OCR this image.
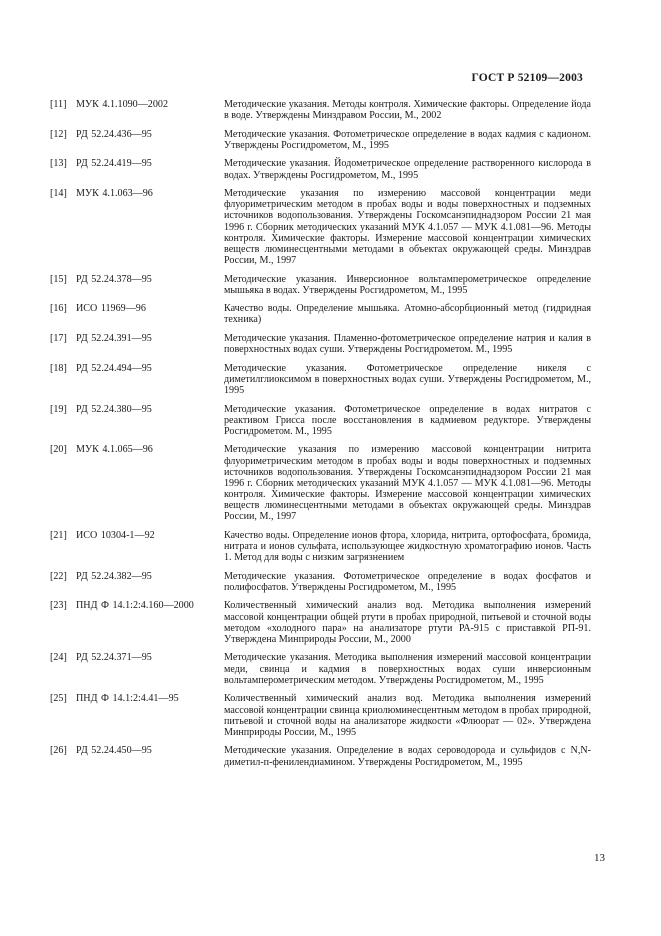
ГОСТ Р 52109—2003
[11] МУК 4.1.1090—2002	Методические указания. Методы контроля. Химические факторы. Определение йода в воде. Утверждены Минздравом России, М., 2002
[12] РД 52.24.436—95	Методические указания. Фотометрическое определение в водах кадмия с кадионом. Утверждены Росгидрометом, М., 1995
[13] РД 52.24.419—95	Методические указания. Йодометрическое определение растворенного кислорода в водах. Утверждены Росгидрометом, М., 1995
[14] МУК 4.1.063—96	Методические указания по измерению массовой концентрации меди флуориметрическим методом в пробах воды и воды поверхностных и подземных источников водопользования. Утверждены Госкомсанэпиднадзором России 21 мая 1996 г. Сборник методических указаний МУК 4.1.057 — МУК 4.1.081—96. Методы контроля. Химические факторы. Измерение массовой концентрации химических веществ люминесцентными методами в объектах окружающей среды. Минздрав России, М., 1997
[15] РД 52.24.378—95	Методические указания. Инверсионное вольтамперометрическое определение мышьяка в водах. Утверждены Росгидрометом, М., 1995
[16] ИСО 11969—96	Качество воды. Определение мышьяка. Атомно-абсорбционный метод (гидридная техника)
[17] РД 52.24.391—95	Методические указания. Пламенно-фотометрическое определение натрия и калия в поверхностных водах суши. Утверждены Росгидрометом. М., 1995
[18] РД 52.24.494—95	Методические указания. Фотометрическое определение никеля с диметилглиоксимом в поверхностных водах суши. Утверждены Росгидрометом, М., 1995
[19] РД 52.24.380—95	Методические указания. Фотометрическое определение в водах нитратов с реактивом Грисса после восстановления в кадмиевом редукторе. Утверждены Росгидрометом. М., 1995
[20] МУК 4.1.065—96	Методические указания по измерению массовой концентрации нитрита флуориметрическим методом в пробах воды и воды поверхностных и подземных источников водопользования. Утверждены Госкомсанэпиднадзором России 21 мая 1996 г. Сборник методических указаний МУК 4.1.057 — МУК 4.1.081—96. Методы контроля. Химические факторы. Измерение массовой концентрации химических веществ люминесцентными методами в объектах окружающей среды. Минздрав России, М., 1997
[21] ИСО 10304-1—92	Качество воды. Определение ионов фтора, хлорида, нитрита, ортофосфата, бромида, нитрата и ионов сульфата, использующее жидкостную хроматографию ионов. Часть 1. Метод для воды с низким загрязнением
[22] РД 52.24.382—95	Методические указания. Фотометрическое определение в водах фосфатов и полифосфатов. Утверждены Росгидрометом, М., 1995
[23] ПНД Ф 14.1:2:4.160—2000	Количественный химический анализ вод. Методика выполнения измерений массовой концентрации общей ртути в пробах природной, питьевой и сточной воды методом «холодного пара» на анализаторе ртути РА-915 с приставкой РП-91. Утверждена Минприроды России, М., 2000
[24] РД 52.24.371—95	Методические указания. Методика выполнения измерений массовой концентрации меди, свинца и кадмия в поверхностных водах суши инверсионным вольтамперометрическим методом. Утверждены Росгидрометом, М., 1995
[25] ПНД Ф 14.1:2:4.41—95	Количественный химический анализ вод. Методика выполнения измерений массовой концентрации свинца криолюминесцентным методом в пробах природной, питьевой и сточной воды на анализаторе жидкости «Флюорат — 02». Утверждена Минприроды России, М., 1995
[26] РД 52.24.450—95	Методические указания. Определение в водах сероводорода и сульфидов с N,N-диметил-п-фенилендиамином. Утверждены Росгидрометом, М., 1995
13
